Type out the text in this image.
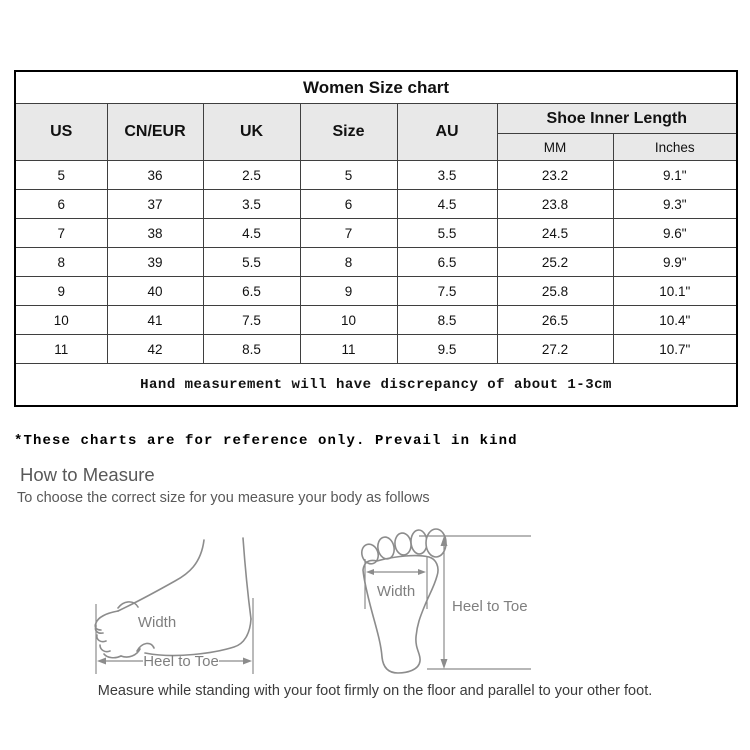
Women Size chart						
US	CN/EUR	UK	Size	AU	Shoe Inner Length	
					MM	Inches
5	36	2.5	5	3.5	23.2	9.1"
6	37	3.5	6	4.5	23.8	9.3"
7	38	4.5	7	5.5	24.5	9.6"
8	39	5.5	8	6.5	25.2	9.9"
9	40	6.5	9	7.5	25.8	10.1"
10	41	7.5	10	8.5	26.5	10.4"
11	42	8.5	11	9.5	27.2	10.7"
Hand measurement will have discrepancy of about 1-3cm						
*These charts are for reference only. Prevail in kind
How to Measure
To choose the correct size for you measure your body as follows
Width
Heel to Toe
Width
Heel to Toe
Measure while standing with your foot firmly on the floor and parallel to your other foot.
